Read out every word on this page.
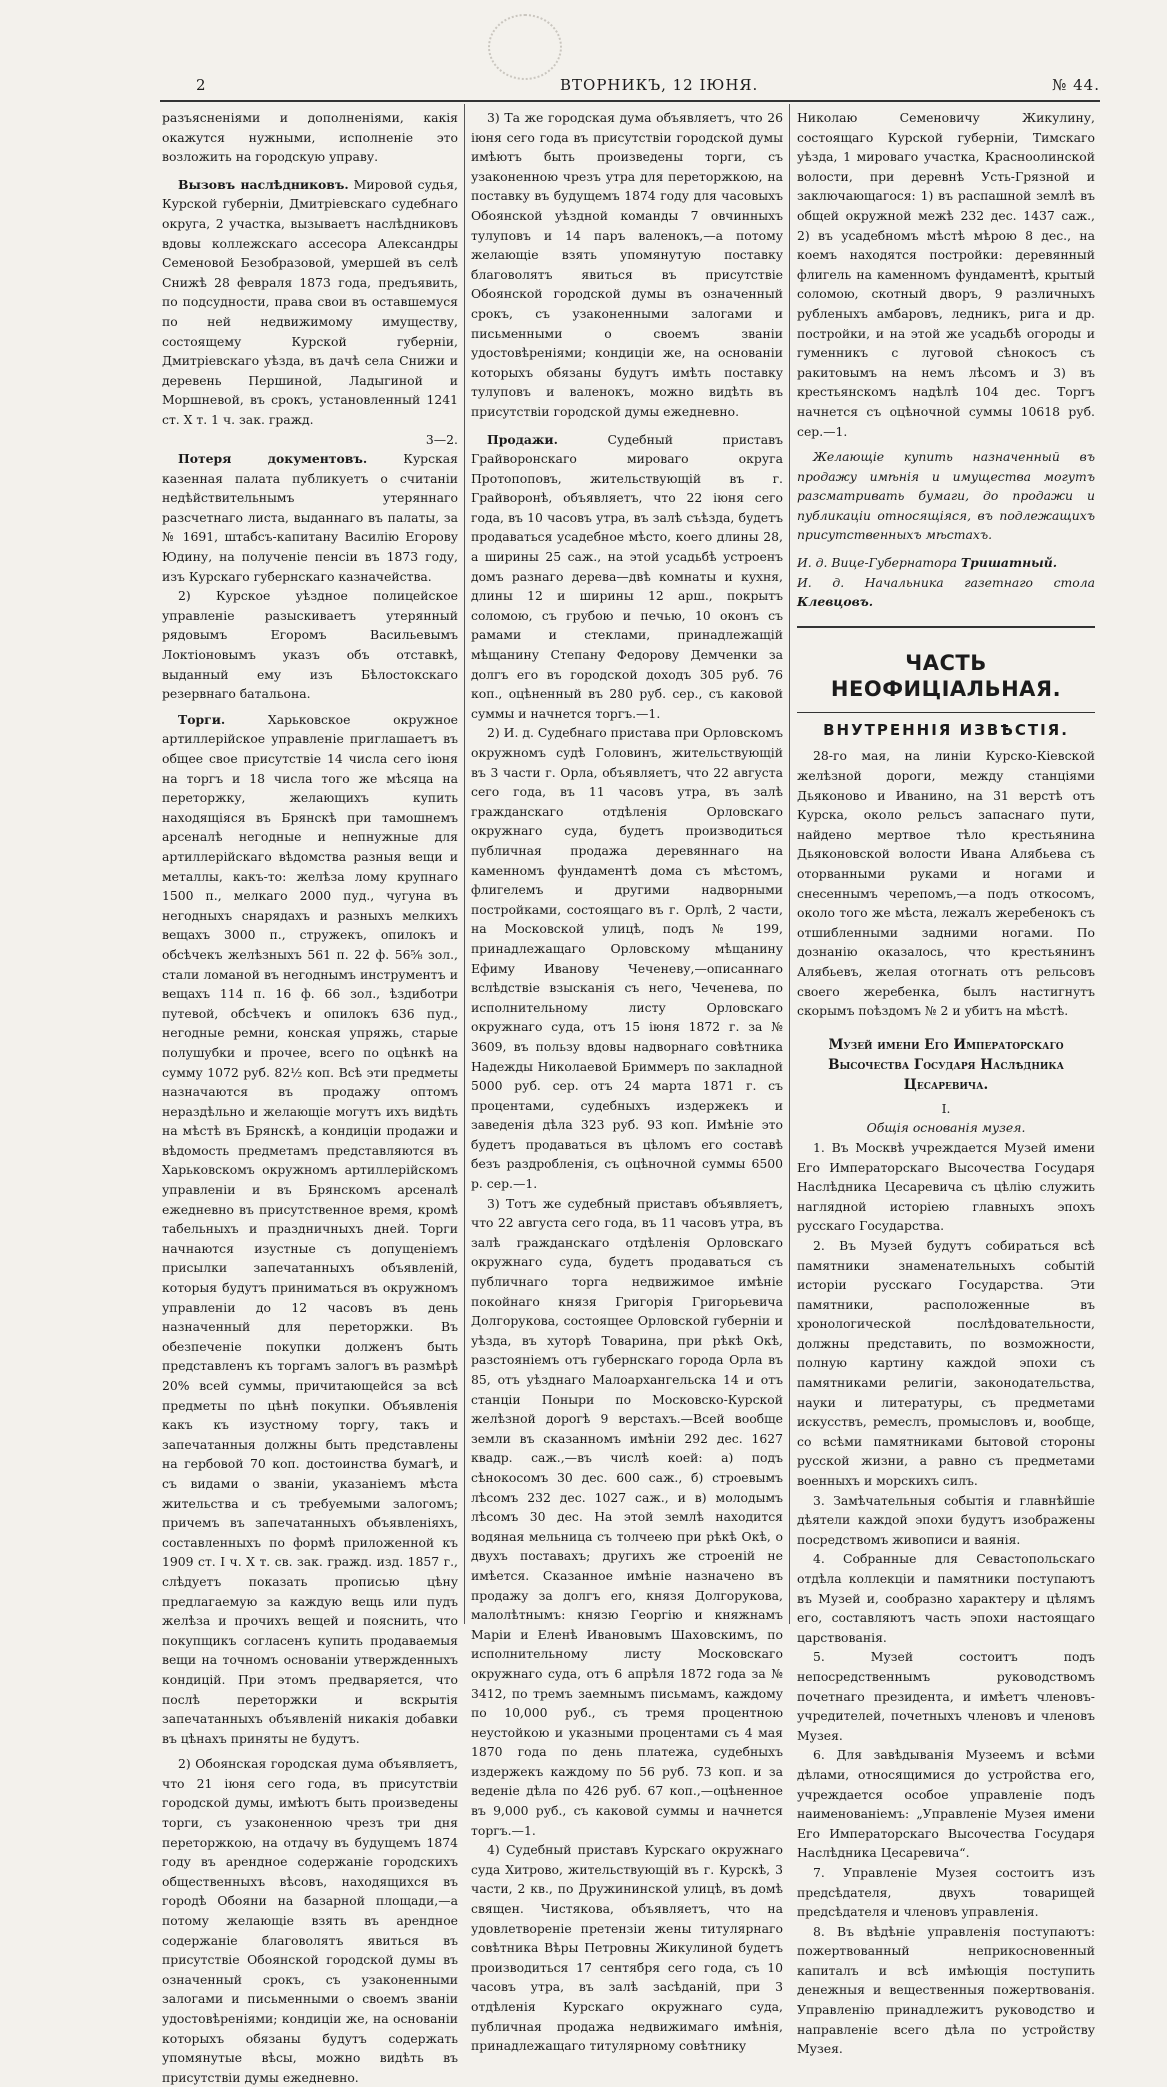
2	ВТОРНИКЪ, 12 ІЮНЯ.	№ 44.

разъясненіями и дополненіями, какія окажутся нужными, исполненіе это возложить на городскую управу.

Вызовъ наслѣдниковъ. Мировой судья, Курской губерніи, Дмитріевскаго судебнаго округа, 2 участка, вызываетъ наслѣдниковъ вдовы коллежскаго ассесора Александры Семеновой Безобразовой, умершей въ селѣ Снижѣ 28 февраля 1873 года, предъявить, по подсудности, права свои въ оставшемуся по ней недвижимому имуществу, состоящему Курской губерніи, Дмитріевскаго уѣзда, въ дачѣ села Снижи и деревень Першиной, Ладыгиной и Моршневой, въ срокъ, установленный 1241 ст. Х т. 1 ч. зак. гражд.

3—2.

Потеря документовъ.	Курская казенная палата публикуетъ о считаніи недѣйствительнымъ утеряннаго разсчетнаго листа, выданнаго въ палаты, за № 1691, штабсъ-капитану Василію Егорову Юдину, на полученіе пенсіи въ 1873 году, изъ Курскаго губернскаго казначейства.

2) Курское уѣздное полицейское управленіе разыскиваетъ утерянный рядовымъ Егоромъ Васильевымъ Локтіоновымъ указъ объ отставкѣ, выданный ему изъ Бѣлостокскаго резервнаго батальона.

Торги.	Харьковское окружное артиллерійское управленіе приглашаетъ въ общее свое присутствіе 14 числа сего іюня на торгъ и 18 числа того же мѣсяца на переторжку, желающихъ купить находящіяся въ Брянскѣ при тамошнемъ арсеналѣ негодные и непнужные для артиллерійскаго вѣдомства разныя вещи и металлы, какъ-то: желѣза лому крупнаго 1500 п., мелкаго 2000 пуд., чугуна въ негодныхъ снарядахъ и разныхъ мелкихъ вещахъ 3000 п., стружекъ, опилокъ и обсѣчекъ желѣзныхъ 561 п. 22 ф. 56⅝ зол., стали ломаной въ негоднымъ инструментъ и вещахъ 114 п. 16 ф. 66 зол., ѣздиботри путевой, обсѣчекъ и опилокъ 636 пуд., негодные ремни, конская упряжь, старые полушубки и прочее, всего по оцѣнкѣ на сумму 1072 руб. 82½ коп. Всѣ эти предметы назначаются въ продажу оптомъ нераздѣльно и желающіе могутъ ихъ видѣть на мѣстѣ въ Брянскѣ, а кондиціи продажи и вѣдомость предметамъ представляются въ Харьковскомъ окружномъ артиллерійскомъ управленіи и въ Брянскомъ арсеналѣ ежедневно въ присутственное время, кромѣ табельныхъ и праздничныхъ дней. Торги начнаются изустные съ допущеніемъ присылки запечатанныхъ объявленій, которыя будутъ приниматься въ окружномъ управленіи до 12 часовъ въ день назначенный для переторжки. Въ обезпеченіе покупки долженъ быть представленъ къ торгамъ залогъ въ размѣрѣ 20% всей суммы, причитающейся за всѣ предметы по цѣнѣ покупки. Объявленія какъ къ изустному торгу, такъ и запечатанныя должны быть представлены на гербовой 70 коп. достоинства бумагѣ, и съ видами о званіи, указаніемъ мѣста жительства и съ требуемыми залогомъ; причемъ въ запечатанныхъ объявленіяхъ, составленныхъ по формѣ приложенной къ 1909 ст. I ч. Х т. св. зак. гражд. изд. 1857 г., слѣдуетъ показать прописью цѣну предлагаемую за каждую вещь или пудъ желѣза и прочихъ вещей и пояснить, что покупщикъ согласенъ купить продаваемыя вещи на точномъ основаніи утвержденныхъ кондицій. При этомъ предваряется, что послѣ переторжки и вскрытія запечатанныхъ объявленій никакія добавки въ цѣнахъ приняты не будутъ.

2) Обоянская городская дума объявляетъ, что 21 іюня сего года, въ присутствіи городской думы, имѣютъ быть произведены торги, съ узаконенною чрезъ три дня переторжкою, на отдачу въ будущемъ 1874 году въ арендное содержаніе городскихъ общественныхъ вѣсовъ, находящихся въ городѣ Обояни на базарной площади,—а потому желающіе взять въ арендное содержаніе благоволятъ явиться въ присутствіе Обоянской городской думы въ означенный срокъ, съ узаконенными залогами и письменными о своемъ званіи удостовѣреніями; кондиціи же, на основаніи которыхъ обязаны будутъ содержать упомянутые вѣсы, можно видѣть въ присутствіи думы ежедневно.

3) Та же городская дума объявляетъ, что 26 іюня сего года въ присутствіи городской думы имѣютъ быть произведены торги, съ узаконенною чрезъ утра для переторжкою, на поставку въ будущемъ 1874 году для часовыхъ Обоянской уѣздной команды 7 овчинныхъ тулуповъ и 14 паръ валенокъ,—а потому желающіе взять упомянутую поставку благоволятъ явиться въ присутствіе Обоянской городской думы въ означенный срокъ, съ узаконенными залогами и письменными о своемъ званіи удостовѣреніями; кондиціи же, на основаніи которыхъ обязаны будутъ имѣть поставку тулуповъ и валенокъ, можно видѣть въ присутствіи городской думы ежедневно.

Продажи.	Судебный приставъ Грайворонскаго мироваго округа Протопоповъ, жительствующій въ г. Грайворонѣ, объявляетъ, что 22 іюня сего года, въ 10 часовъ утра, въ залѣ съѣзда, будетъ продаваться усадебное мѣсто, коего длины 28, а ширины 25 саж., на этой усадьбѣ устроенъ домъ разнаго дерева—двѣ комнаты и кухня, длины 12 и ширины 12 арш., покрытъ соломою, съ грубою и печью, 10 оконъ съ рамами и стеклами, принадлежащій мѣщанину Степану Федорову Демченки за долгъ его въ городской доходъ 305 руб. 76 коп., оцѣненный въ 280 руб. сер., съ каковой суммы и начнется торгъ.—1.

2) И. д. Судебнаго пристава при Орловскомъ окружномъ судѣ Головинъ, жительствующій въ 3 части г. Орла, объявляетъ, что 22 августа сего года, въ 11 часовъ утра, въ залѣ гражданскаго отдѣленія Орловскаго окружнаго суда, будетъ производиться публичная продажа деревяннаго на каменномъ фундаментѣ дома съ мѣстомъ, флигелемъ и другими надворными постройками, состоящаго въ г. Орлѣ, 2 части, на Московской улицѣ, подъ № 199, принадлежащаго Орловскому мѣщанину Ефиму Иванову Чеченеву,—описаннаго вслѣдствіе взысканія съ него, Чеченева, по исполнительному листу Орловскаго окружнаго суда, отъ 15 іюня 1872 г. за № 3609, въ пользу вдовы надворнаго совѣтника Надежды Николаевой Бриммеръ по закладной 5000 руб. сер. отъ 24 марта 1871 г. съ процентами, судебныхъ издержекъ и заведенія дѣла 323 руб. 93 коп. Имѣніе это будетъ продаваться въ цѣломъ его составѣ безъ раздробленія, съ оцѣночной суммы 6500 р. сер.—1.

3) Тотъ же судебный приставъ объявляетъ, что 22 августа сего года, въ 11 часовъ утра, въ залѣ гражданскаго отдѣленія Орловскаго окружнаго суда, будетъ продаваться съ публичнаго торга недвижимое имѣніе покойнаго князя Григорія Григорьевича Долгорукова, состоящее Орловской губерніи и уѣзда, въ хуторѣ Товарина, при рѣкѣ Окѣ, разстояніемъ отъ губернскаго города Орла въ 85, отъ уѣзднаго Малоархангельска 14 и отъ станціи Поныри по Московско-Курской желѣзной дорогѣ 9 верстахъ.—Всей вообще земли въ сказанномъ имѣніи 292 дес. 1627 квадр. саж.,—въ числѣ коей: а) подъ сѣнокосомъ 30 дес. 600 саж., б) строевымъ лѣсомъ 232 дес. 1027 саж., и в) молодымъ лѣсомъ 30 дес. На этой землѣ находится водяная мельница съ толчеею при рѣкѣ Окѣ, о двухъ поставахъ; другихъ же строеній не имѣется. Сказанное имѣніе назначено въ продажу за долгъ его, князя Долгорукова, малолѣтнымъ: князю Георгію и княжнамъ Маріи и Еленѣ Ивановымъ Шаховскимъ, по исполнительному листу Московскаго окружнаго суда, отъ 6 апрѣля 1872 года за № 3412, по тремъ заемнымъ письмамъ, каждому по 10,000 руб., съ тремя процентною неустойкою и указными процентами съ 4 мая 1870 года по день платежа, судебныхъ издержекъ каждому по 56 руб. 73 коп. и за веденіе дѣла по 426 руб. 67 коп.,—оцѣненное въ 9,000 руб., съ каковой суммы и начнется торгъ.—1.

4) Судебный приставъ Курскаго окружнаго суда Хитрово, жительствующій въ г. Курскѣ, 3 части, 2 кв., по Дружининской улицѣ, въ домѣ священ. Чистякова, объявляетъ, что на удовлетвореніе претензіи жены титулярнаго совѣтника Вѣры Петровны Жикулиной будетъ производиться 17 сентября сего года, съ 10 часовъ утра, въ залѣ засѣданій, при 3 отдѣленія Курскаго окружнаго суда, публичная продажа недвижимаго имѣнія, принадлежащаго титулярному совѣтнику

Николаю Семеновичу Жикулину, состоящаго Курской губерніи, Тимскаго уѣзда, 1 мироваго участка, Красноолинской волости, при деревнѣ Усть-Грязной и заключающагося: 1) въ распашной землѣ въ общей окружной межѣ 232 дес. 1437 саж., 2) въ усадебномъ мѣстѣ мѣрою 8 дес., на коемъ находятся постройки: деревянный флигель на каменномъ фундаментѣ, крытый соломою, скотный дворъ, 9 различныхъ рубленыхъ амбаровъ, ледникъ, рига и др. постройки, и на этой же усадьбѣ огороды и гуменникъ с луговой сѣнокосъ съ ракитовымъ на немъ лѣсомъ и 3) въ крестьянскомъ надѣлѣ 104 дес. Торгъ начнется съ оцѣночной суммы 10618 руб. сер.—1.

Желающіе купить назначенный въ продажу имѣнія и имущества могутъ разсматривать бумаги, до продажи и публикаціи относящіяся, въ подлежащихъ присутственныхъ мѣстахъ.

И. д. Вице-Губернатора Тришатный.

И. д. Начальника газетнаго стола Клевцовъ.

ЧАСТЬ НЕОФИЦІАЛЬНАЯ.

ВНУТРЕННІЯ ИЗВѢСТІЯ.

28-го мая, на линіи Курско-Кіевской желѣзной дороги, между станціями Дьяконово и Иванино, на 31 верстѣ отъ Курска, около рельсъ запаснаго пути, найдено мертвое тѣло крестьянина Дьяконовской волости Ивана Алябьева съ оторванными руками и ногами и снесеннымъ черепомъ,—а подъ откосомъ, около того же мѣста, лежалъ жеребенокъ съ отшибленными задними ногами. По дознанію оказалось, что крестьянинъ Алябьевъ, желая отогнать отъ рельсовъ своего жеребенка, былъ настигнутъ скорымъ поѣздомъ № 2 и убитъ на мѣстѣ.

Музей имени Его Императорскаго Высочества Государя Наслѣдника Цесаревича.

I.

Общія основанія музея.

1. Въ Москвѣ учреждается Музей имени Его Императорскаго Высочества Государя Наслѣдника Цесаревича съ цѣлію служить наглядной исторіею главныхъ эпохъ русскаго Государства.

2. Въ Музей будутъ собираться всѣ памятники знаменательныхъ событій исторіи русскаго Государства. Эти памятники, расположенные въ хронологической послѣдовательности, должны представить, по возможности, полную картину каждой эпохи съ памятниками религіи, законодательства, науки и литературы, съ предметами искусствъ, ремеслъ, промысловъ и, вообще, со всѣми памятниками бытовой стороны русской жизни, а равно съ предметами военныхъ и морскихъ силъ.

3. Замѣчательныя событія и главнѣйшіе дѣятели каждой эпохи будутъ изображены посредствомъ живописи и ваянія.

4. Собранные для Севастопольскаго отдѣла коллекціи и памятники поступаютъ въ Музей и, сообразно характеру и цѣлямъ его, составляютъ часть эпохи настоящаго царствованія.

5. Музей состоитъ подъ непосредственнымъ руководствомъ почетнаго президента, и имѣетъ членовъ-учредителей, почетныхъ членовъ и членовъ Музея.

6. Для завѣдыванія Музеемъ и всѣми дѣлами, относящимися до устройства его, учреждается особое управленіе подъ наименованіемъ: „Управленіе Музея имени Его Императорскаго Высочества Государя Наслѣдника Цесаревича“.

7. Управленіе Музея состоитъ изъ предсѣдателя, двухъ товарищей предсѣдателя и членовъ управленія.

8. Въ вѣдѣніе управленія поступаютъ: пожертвованный неприкосновенный капиталъ и всѣ имѣющія поступить денежныя и вещественныя пожертвованія. Управленію принадлежитъ руководство и направленіе всего дѣла по устройству Музея.
